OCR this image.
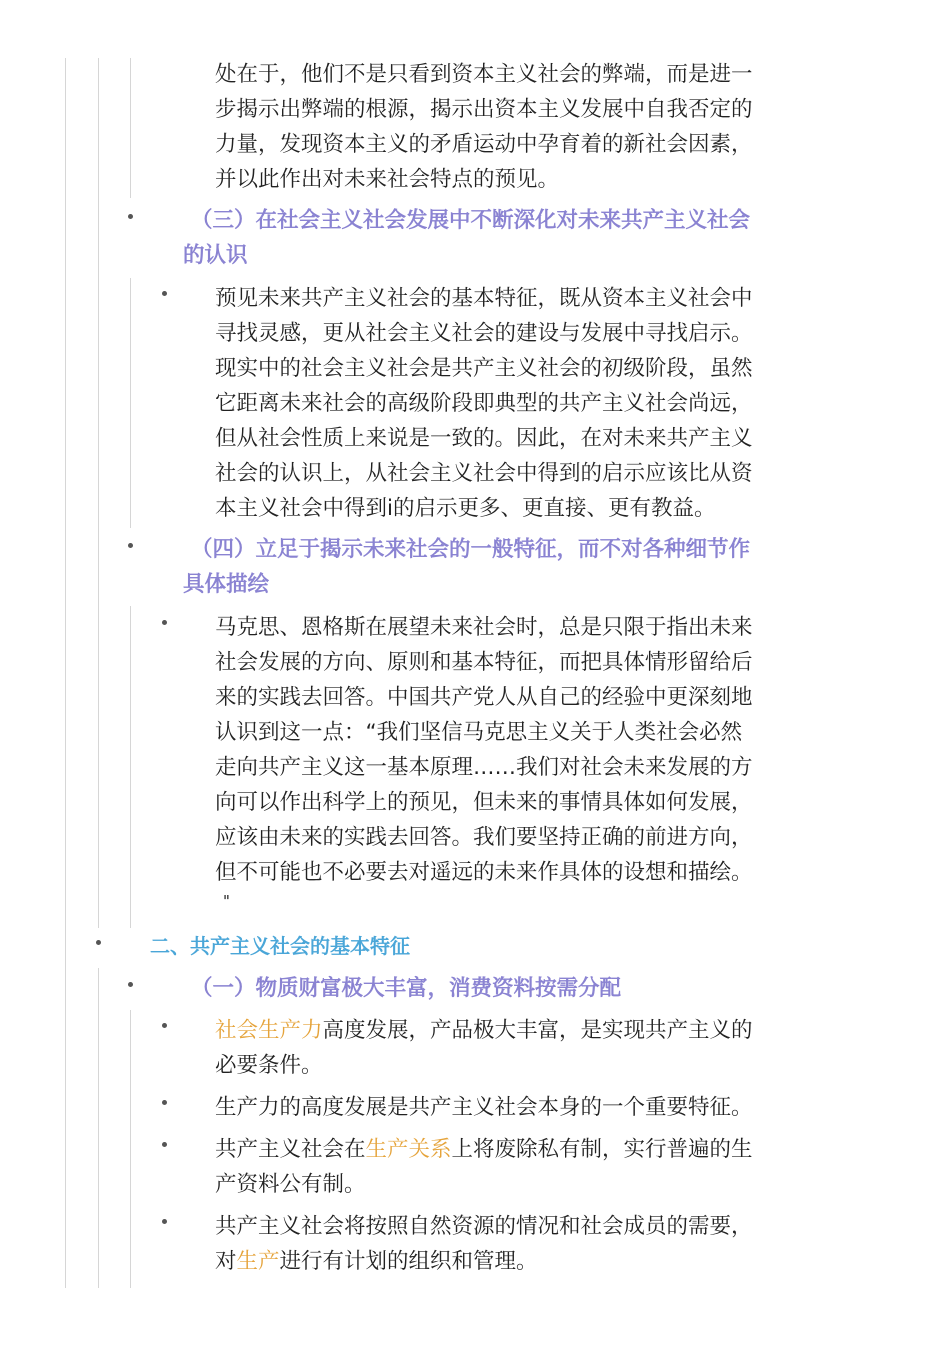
处在于，他们不是只看到资本主义社会的弊端，而是进一
步揭示出弊端的根源，揭示出资本主义发展中自我否定的
力量，发现资本主义的矛盾运动中孕育着的新社会因素，
并以此作出对未来社会特点的预见。
（三）在社会主义社会发展中不断深化对未来共产主义社会
的认识
预见未来共产主义社会的基本特征，既从资本主义社会中
寻找灵感，更从社会主义社会的建设与发展中寻找启示。
现实中的社会主义社会是共产主义社会的初级阶段，虽然
它距离未来社会的高级阶段即典型的共产主义社会尚远，
但从社会性质上来说是一致的。因此，在对未来共产主义
社会的认识上，从社会主义社会中得到的启示应该比从资
本主义社会中得到i的启示更多、更直接、更有教益。
（四）立足于揭示未来社会的一般特征，而不对各种细节作
具体描绘
马克思、恩格斯在展望未来社会时，总是只限于指出未来
社会发展的方向、原则和基本特征，而把具体情形留给后
来的实践去回答。中国共产党人从自己的经验中更深刻地
认识到这一点：“我们坚信马克思主义关于人类社会必然
走向共产主义这一基本原理……我们对社会未来发展的方
向可以作出科学上的预见，但未来的事情具体如何发展，
应该由未来的实践去回答。我们要坚持正确的前进方向，
但不可能也不必要去对遥远的未来作具体的设想和描绘。
"
二、共产主义社会的基本特征
（一）物质财富极大丰富，消费资料按需分配
社会生产力高度发展，产品极大丰富，是实现共产主义的
必要条件。
生产力的高度发展是共产主义社会本身的一个重要特征。
共产主义社会在生产关系上将废除私有制，实行普遍的生
产资料公有制。
共产主义社会将按照自然资源的情况和社会成员的需要，
对生产进行有计划的组织和管理。
